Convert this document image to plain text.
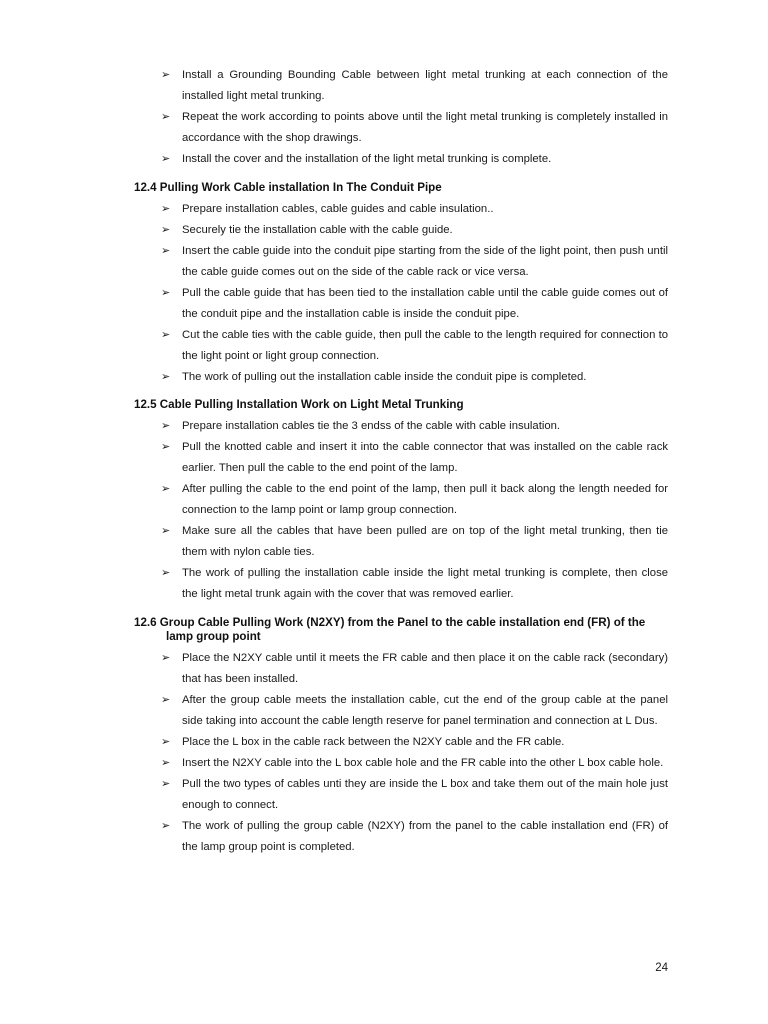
➢ Install a Grounding Bounding Cable between light metal trunking at each connection of the installed light metal trunking.
➢ Repeat the work according to points above until the light metal trunking is completely installed in accordance with the shop drawings.
➢ Install the cover and the installation of the light metal trunking is complete.
12.4 Pulling Work Cable installation In The Conduit Pipe
➢ Prepare installation cables, cable guides and cable insulation..
➢ Securely tie the installation cable with the cable guide.
➢ Insert the cable guide into the conduit pipe starting from the side of the light point, then push until the cable guide comes out on the side of the cable rack or vice versa.
➢ Pull the cable guide that has been tied to the installation cable until the cable guide comes out of the conduit pipe and the installation cable is inside the conduit pipe.
➢ Cut the cable ties with the cable guide, then pull the cable to the length required for connection to the light point or light group connection.
➢ The work of pulling out the installation cable inside the conduit pipe is completed.
12.5 Cable Pulling Installation Work on Light Metal Trunking
➢ Prepare installation cables tie the 3 endss of the cable with cable insulation.
➢ Pull the knotted cable and insert it into the cable connector that was installed on the cable rack earlier. Then pull the cable to the end point of the lamp.
➢ After pulling the cable to the end point of the lamp, then pull it back along the length needed for connection to the lamp point or lamp group connection.
➢ Make sure all the cables that have been pulled are on top of the light metal trunking, then tie them with nylon cable ties.
➢ The work of pulling the installation cable inside the light metal trunking is complete, then close the light metal trunk again with the cover that was removed earlier.
12.6 Group Cable Pulling Work (N2XY) from the Panel to the cable installation end (FR) of the
lamp group point
➢ Place the N2XY cable until it meets the FR cable and then place it on the cable rack (secondary) that has been installed.
➢ After the group cable meets the installation cable, cut the end of the group cable at the panel side taking into account the cable length reserve for panel termination and connection at L Dus.
➢ Place the L box in the cable rack between the N2XY cable and the FR cable.
➢ Insert the N2XY cable into the L box cable hole and the FR cable into the other L box cable hole.
➢ Pull the two types of cables unti they are inside the L box and take them out of the main hole just enough to connect.
➢ The work of pulling the group cable (N2XY) from the panel to the cable installation end (FR) of the lamp group point is completed.
24
